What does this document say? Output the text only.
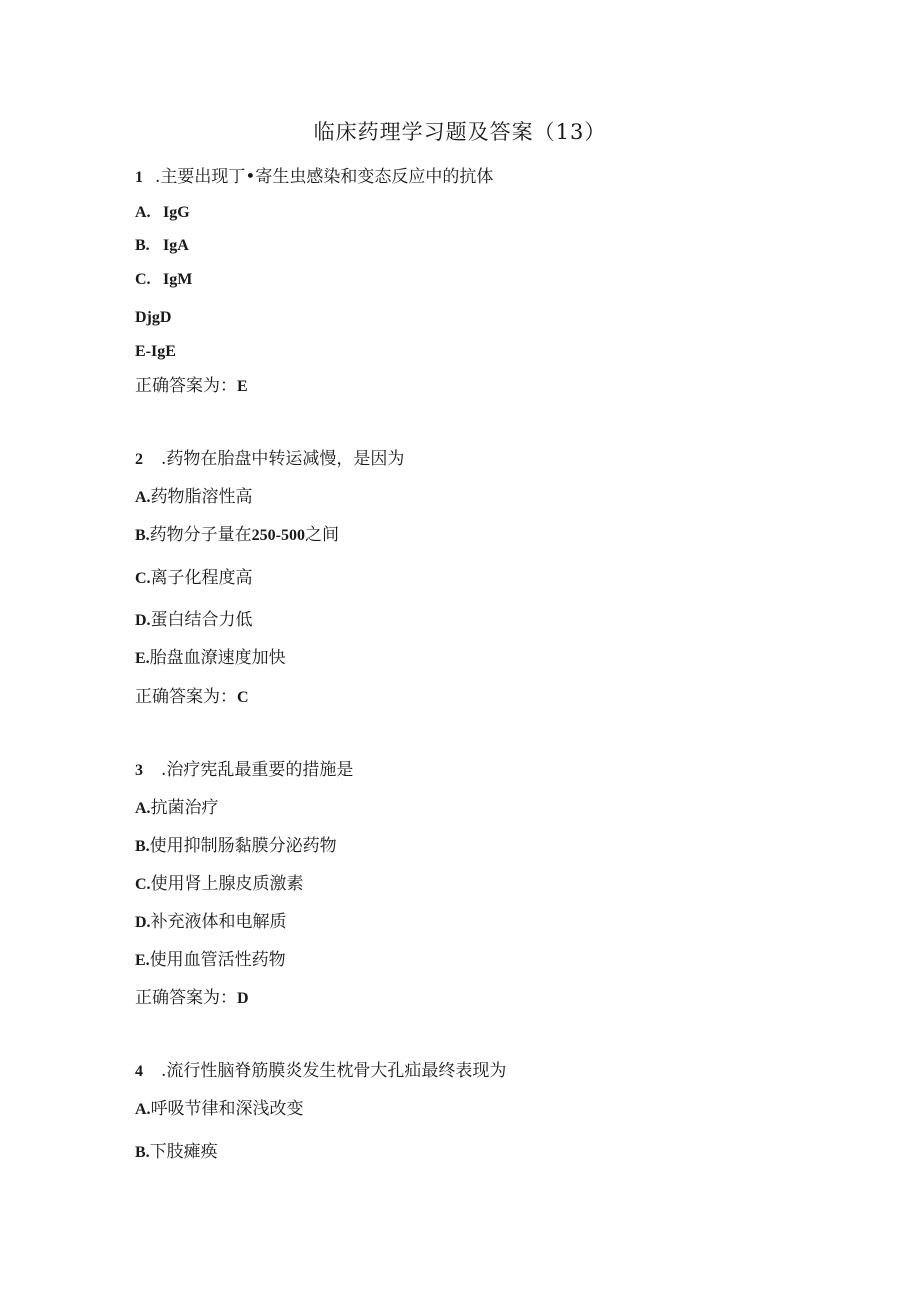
临床药理学习题及答案（13）
1 .主要出现丁•寄生虫感染和变态反应中的抗体
A. IgG
B. IgA
C. IgM
DjgD
E-IgE
正确答案为：E
2 .药物在胎盘中转运减慢，是因为
A.药物脂溶性高
B.药物分子量在250-500之间
C.离子化程度高
D.蛋白结合力低
E.胎盘血潦速度加快
正确答案为：C
3 .治疗宪乱最重要的措施是
A.抗菌治疗
B.使用抑制肠黏膜分泌药物
C.使用肾上腺皮质激素
D.补充液体和电解质
E.使用血管活性药物
正确答案为：D
4 .流行性脑脊筋膜炎发生枕骨大孔疝最终表现为
A.呼吸节律和深浅改变
B.下肢瘫痪
